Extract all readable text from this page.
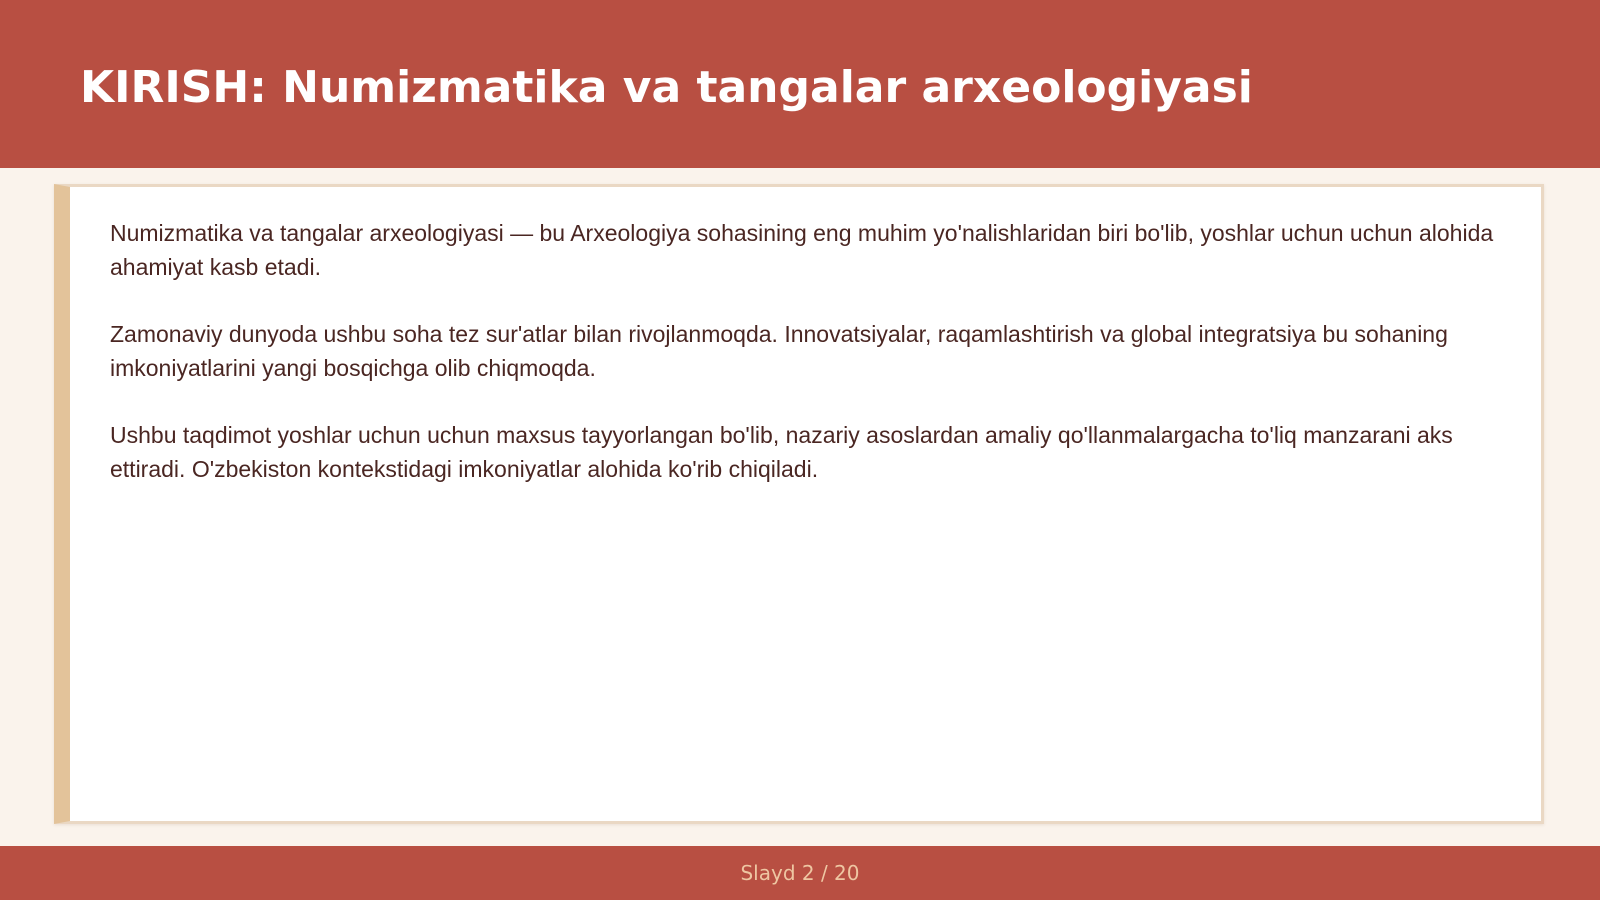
KIRISH: Numizmatika va tangalar arxeologiyasi

Numizmatika va tangalar arxeologiyasi — bu Arxeologiya sohasining eng muhim yo'nalishlaridan biri bo'lib, yoshlar uchun uchun alohida ahamiyat kasb etadi.

Zamonaviy dunyoda ushbu soha tez sur'atlar bilan rivojlanmoqda. Innovatsiyalar, raqamlashtirish va global integratsiya bu sohaning imkoniyatlarini yangi bosqichga olib chiqmoqda.

Ushbu taqdimot yoshlar uchun uchun maxsus tayyorlangan bo'lib, nazariy asoslardan amaliy qo'llanmalargacha to'liq manzarani aks ettiradi. O'zbekiston kontekstidagi imkoniyatlar alohida ko'rib chiqiladi.

Slayd 2 / 20
